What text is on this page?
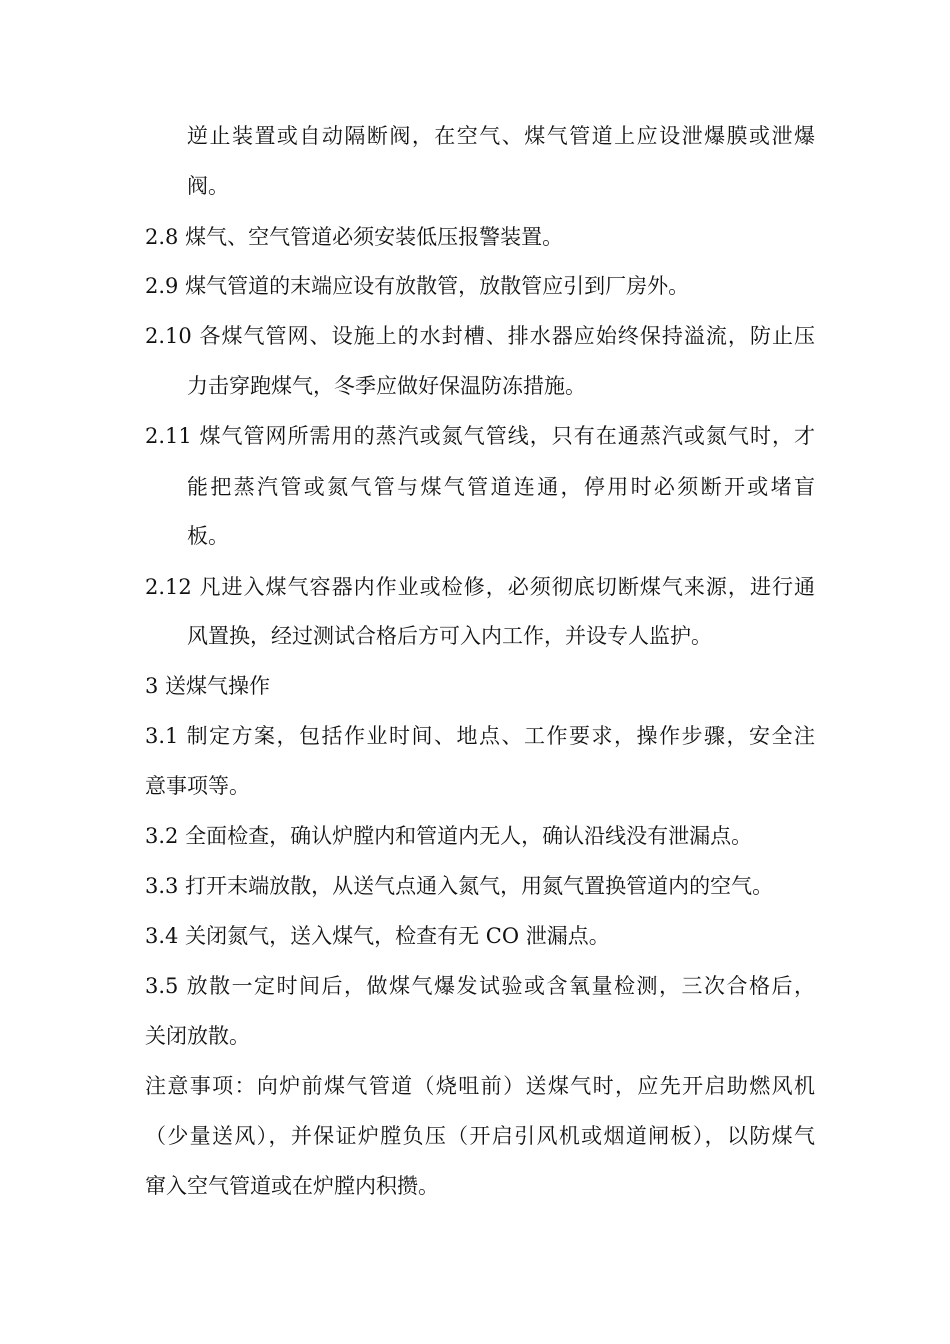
逆止装置或自动隔断阀，在空气、煤气管道上应设泄爆膜或泄爆
阀。
2.8 煤气、空气管道必须安装低压报警装置。
2.9 煤气管道的末端应设有放散管，放散管应引到厂房外。
2.10 各煤气管网、设施上的水封槽、排水器应始终保持溢流，防止压
力击穿跑煤气，冬季应做好保温防冻措施。
2.11 煤气管网所需用的蒸汽或氮气管线，只有在通蒸汽或氮气时，才
能把蒸汽管或氮气管与煤气管道连通，停用时必须断开或堵盲
板。
2.12 凡进入煤气容器内作业或检修，必须彻底切断煤气来源，进行通
风置换，经过测试合格后方可入内工作，并设专人监护。
3 送煤气操作
3.1 制定方案，包括作业时间、地点、工作要求，操作步骤，安全注
意事项等。
3.2 全面检查，确认炉膛内和管道内无人，确认沿线没有泄漏点。
3.3 打开末端放散，从送气点通入氮气，用氮气置换管道内的空气。
3.4 关闭氮气，送入煤气，检查有无 CO 泄漏点。
3.5 放散一定时间后，做煤气爆发试验或含氧量检测，三次合格后，
关闭放散。
注意事项：向炉前煤气管道（烧咀前）送煤气时，应先开启助燃风机
（少量送风），并保证炉膛负压（开启引风机或烟道闸板），以防煤气
窜入空气管道或在炉膛内积攒。
